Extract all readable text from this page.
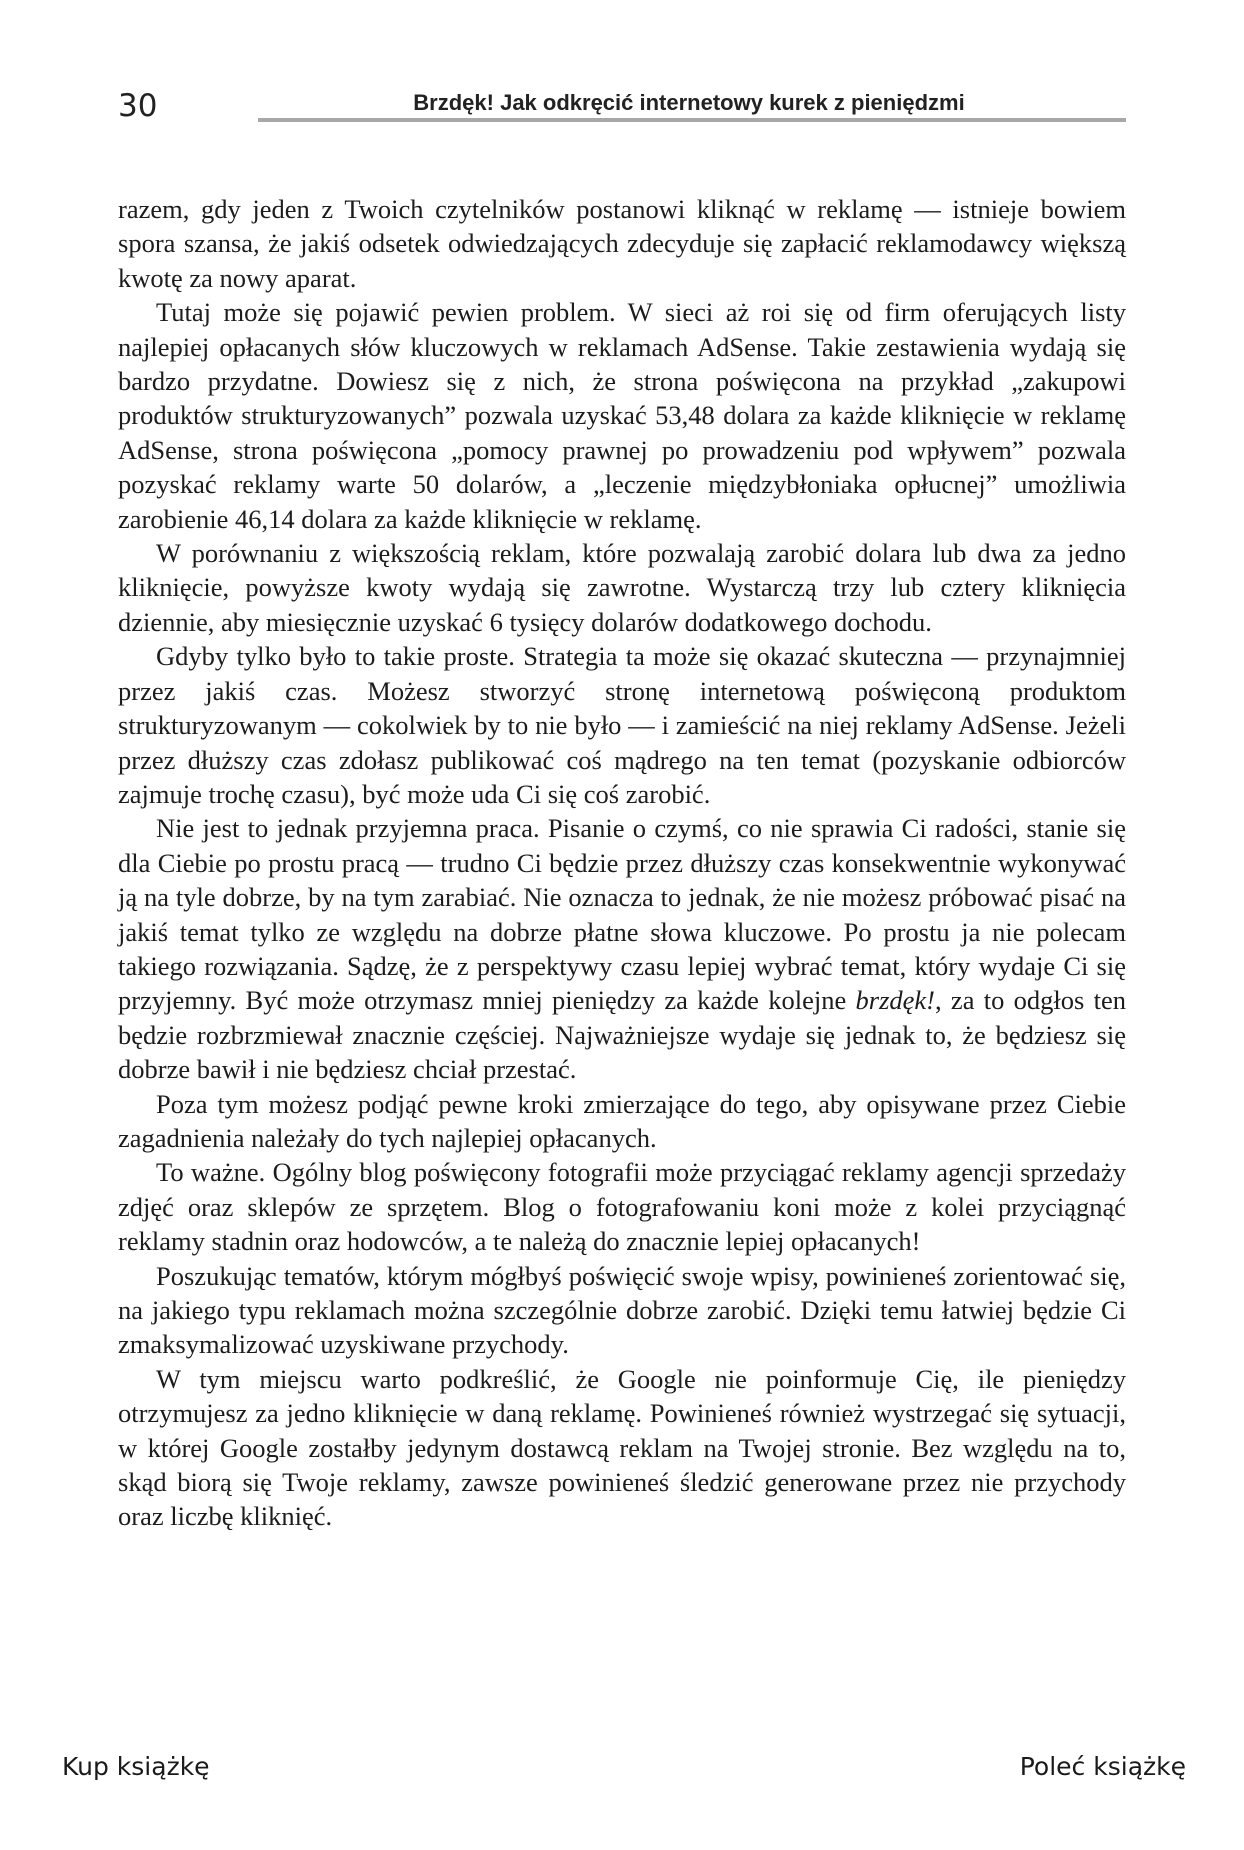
30	Brzdęk! Jak odkręcić internetowy kurek z pieniędzmi

razem, gdy jeden z Twoich czytelników postanowi kliknąć w reklamę — istnieje bowiem spora szansa, że jakiś odsetek odwiedzających zdecyduje się zapłacić reklamodawcy większą kwotę za nowy aparat.

Tutaj może się pojawić pewien problem. W sieci aż roi się od firm oferujących listy najlepiej opłacanych słów kluczowych w reklamach AdSense. Takie zestawienia wydają się bardzo przydatne. Dowiesz się z nich, że strona poświęcona na przykład „zakupowi produktów strukturyzowanych” pozwala uzyskać 53,48 dolara za każde kliknięcie w reklamę AdSense, strona poświęcona „pomocy prawnej po prowadzeniu pod wpływem” pozwala pozyskać reklamy warte 50 dolarów, a „leczenie międzybłoniaka opłucnej” umożliwia zarobienie 46,14 dolara za każde kliknięcie w reklamę.

W porównaniu z większością reklam, które pozwalają zarobić dolara lub dwa za jedno kliknięcie, powyższe kwoty wydają się zawrotne. Wystarczą trzy lub cztery kliknięcia dziennie, aby miesięcznie uzyskać 6 tysięcy dolarów dodatkowego dochodu.

Gdyby tylko było to takie proste. Strategia ta może się okazać skuteczna — przynajmniej przez jakiś czas. Możesz stworzyć stronę internetową poświęconą produktom strukturyzowanym — cokolwiek by to nie było — i zamieścić na niej reklamy AdSense. Jeżeli przez dłuższy czas zdołasz publikować coś mądrego na ten temat (pozyskanie odbiorców zajmuje trochę czasu), być może uda Ci się coś zarobić.

Nie jest to jednak przyjemna praca. Pisanie o czymś, co nie sprawia Ci radości, stanie się dla Ciebie po prostu pracą — trudno Ci będzie przez dłuższy czas konsekwentnie wykonywać ją na tyle dobrze, by na tym zarabiać. Nie oznacza to jednak, że nie możesz próbować pisać na jakiś temat tylko ze względu na dobrze płatne słowa kluczowe. Po prostu ja nie polecam takiego rozwiązania. Sądzę, że z perspektywy czasu lepiej wybrać temat, który wydaje Ci się przyjemny. Być może otrzymasz mniej pieniędzy za każde kolejne brzdęk!, za to odgłos ten będzie rozbrzmiewał znacznie częściej. Najważniejsze wydaje się jednak to, że będziesz się dobrze bawił i nie będziesz chciał przestać.

Poza tym możesz podjąć pewne kroki zmierzające do tego, aby opisywane przez Ciebie zagadnienia należały do tych najlepiej opłacanych.

To ważne. Ogólny blog poświęcony fotografii może przyciągać reklamy agencji sprzedaży zdjęć oraz sklepów ze sprzętem. Blog o fotografowaniu koni może z kolei przyciągnąć reklamy stadnin oraz hodowców, a te należą do znacznie lepiej opłacanych!

Poszukując tematów, którym mógłbyś poświęcić swoje wpisy, powinieneś zorientować się, na jakiego typu reklamach można szczególnie dobrze zarobić. Dzięki temu łatwiej będzie Ci zmaksymalizować uzyskiwane przychody.

W tym miejscu warto podkreślić, że Google nie poinformuje Cię, ile pieniędzy otrzymujesz za jedno kliknięcie w daną reklamę. Powinieneś również wystrzegać się sytuacji, w której Google zostałby jedynym dostawcą reklam na Twojej stronie. Bez względu na to, skąd biorą się Twoje reklamy, zawsze powinieneś śledzić generowane przez nie przychody oraz liczbę kliknięć.

Kup książkę	Poleć książkę
